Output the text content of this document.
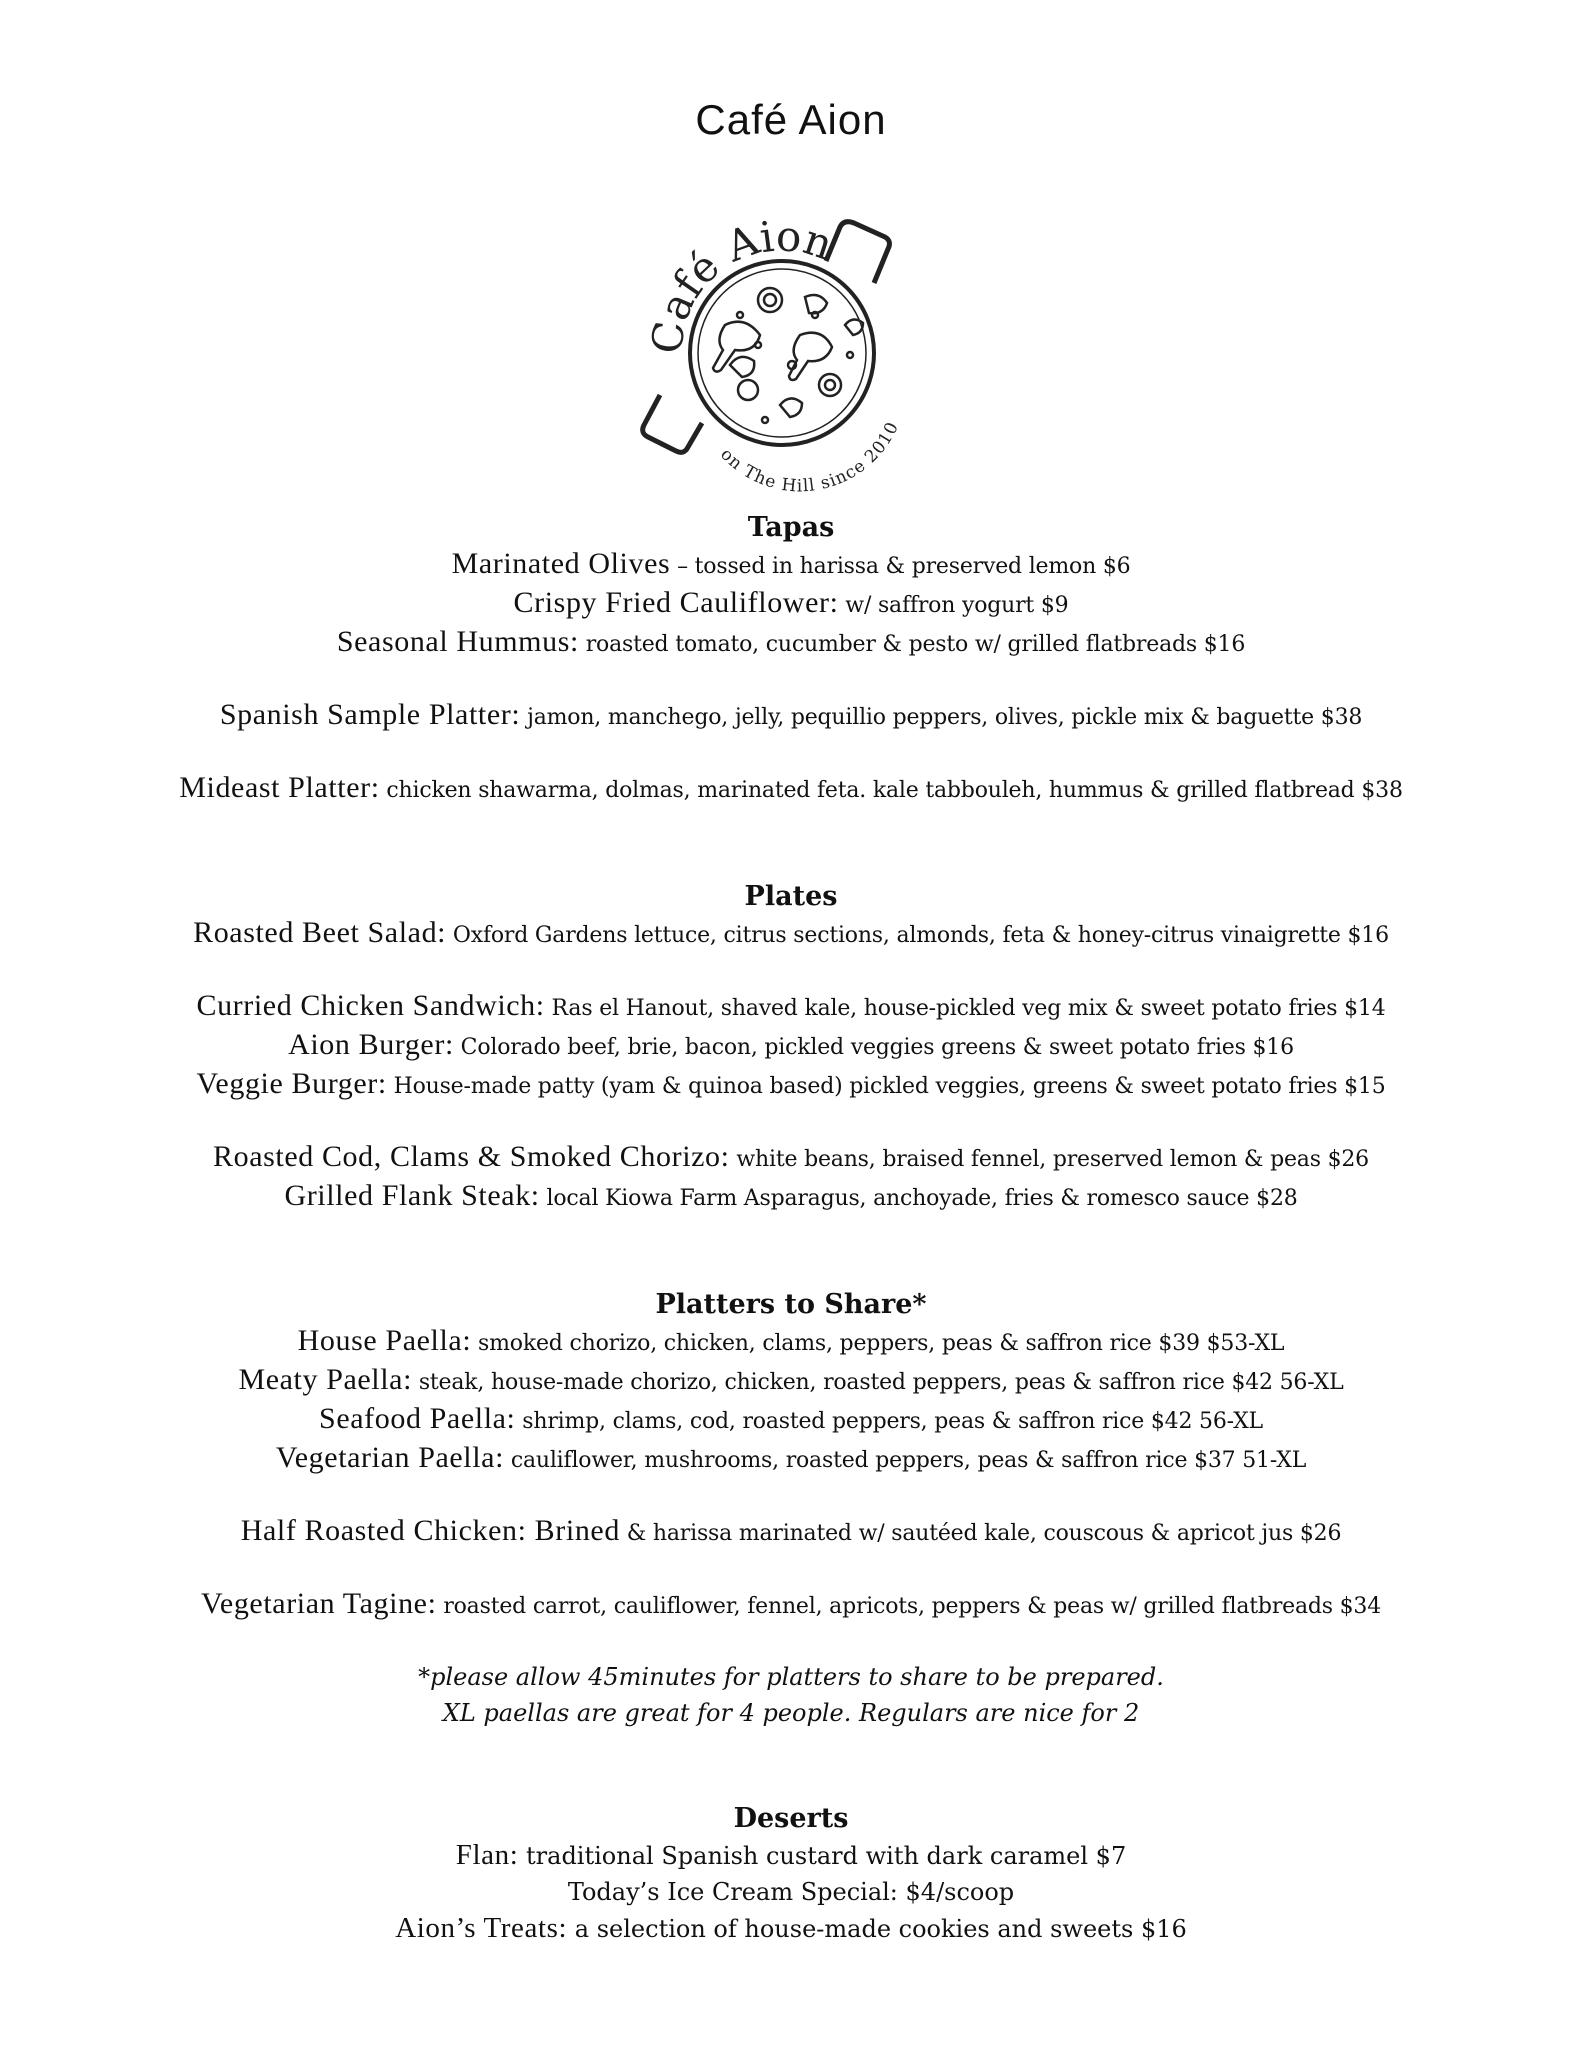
Café Aion
Café Aion
on The Hill since 2010

Tapas

Marinated Olives – tossed in harissa & preserved lemon $6

Crispy Fried Cauliflower: w/ saffron yogurt $9

Seasonal Hummus: roasted tomato, cucumber & pesto w/ grilled flatbreads $16

Spanish Sample Platter: jamon, manchego, jelly, pequillio peppers, olives, pickle mix & baguette $38

Mideast Platter: chicken shawarma, dolmas, marinated feta. kale tabbouleh, hummus & grilled flatbread $38

Plates

Roasted Beet Salad: Oxford Gardens lettuce, citrus sections, almonds, feta & honey-citrus vinaigrette $16

Curried Chicken Sandwich: Ras el Hanout, shaved kale, house-pickled veg mix & sweet potato fries $14

Aion Burger: Colorado beef, brie, bacon, pickled veggies greens & sweet potato fries $16

Veggie Burger: House-made patty (yam & quinoa based) pickled veggies, greens & sweet potato fries $15

Roasted Cod, Clams & Smoked Chorizo: white beans, braised fennel, preserved lemon & peas $26

Grilled Flank Steak: local Kiowa Farm Asparagus, anchoyade, fries & romesco sauce $28

Platters to Share*

House Paella: smoked chorizo, chicken, clams, peppers, peas & saffron rice $39 $53-XL

Meaty Paella: steak, house-made chorizo, chicken, roasted peppers, peas & saffron rice $42 56-XL

Seafood Paella: shrimp, clams, cod, roasted peppers, peas & saffron rice $42 56-XL

Vegetarian Paella: cauliflower, mushrooms, roasted peppers, peas & saffron rice $37 51-XL

Half Roasted Chicken: Brined & harissa marinated w/ sautéed kale, couscous & apricot jus $26

Vegetarian Tagine: roasted carrot, cauliflower, fennel, apricots, peppers & peas w/ grilled flatbreads $34

*please allow 45minutes for platters to share to be prepared.

XL paellas are great for 4 people. Regulars are nice for 2

Deserts

Flan: traditional Spanish custard with dark caramel $7

Today’s Ice Cream Special: $4/scoop

Aion’s Treats: a selection of house-made cookies and sweets $16
